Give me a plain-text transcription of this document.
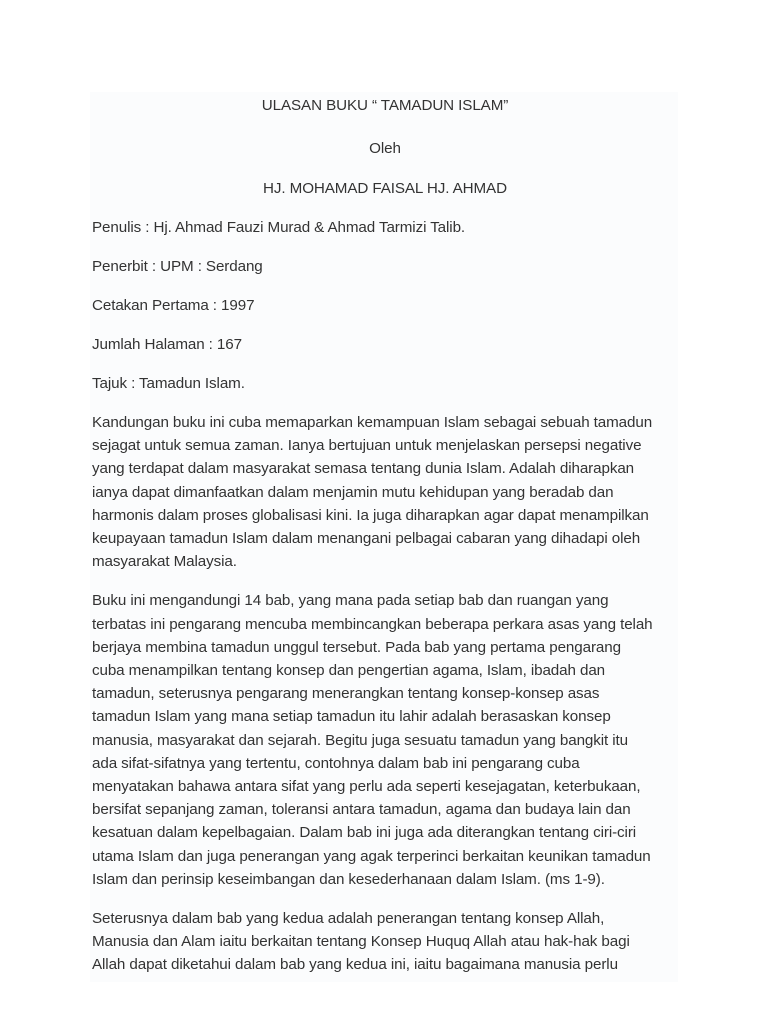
ULASAN BUKU “ TAMADUN ISLAM”

Oleh

HJ. MOHAMAD FAISAL HJ. AHMAD

Penulis : Hj. Ahmad Fauzi Murad & Ahmad Tarmizi Talib.

Penerbit : UPM : Serdang

Cetakan Pertama : 1997

Jumlah Halaman : 167

Tajuk : Tamadun Islam.

Kandungan buku ini cuba memaparkan kemampuan Islam sebagai sebuah tamadun
sejagat untuk semua zaman. Ianya bertujuan untuk menjelaskan persepsi negative
yang terdapat dalam masyarakat semasa tentang dunia Islam. Adalah diharapkan
ianya dapat dimanfaatkan dalam menjamin mutu kehidupan yang beradab dan
harmonis dalam proses globalisasi kini. Ia juga diharapkan agar dapat menampilkan
keupayaan tamadun Islam dalam menangani pelbagai cabaran yang dihadapi oleh
masyarakat Malaysia.

Buku ini mengandungi 14 bab, yang mana pada setiap bab dan ruangan yang
terbatas ini pengarang mencuba membincangkan beberapa perkara asas yang telah
berjaya membina tamadun unggul tersebut. Pada bab yang pertama pengarang
cuba menampilkan tentang konsep dan pengertian agama, Islam, ibadah dan
tamadun, seterusnya pengarang menerangkan tentang konsep-konsep asas
tamadun Islam yang mana setiap tamadun itu lahir adalah berasaskan konsep
manusia, masyarakat dan sejarah. Begitu juga sesuatu tamadun yang bangkit itu
ada sifat-sifatnya yang tertentu, contohnya dalam bab ini pengarang cuba
menyatakan bahawa antara sifat yang perlu ada seperti kesejagatan, keterbukaan,
bersifat sepanjang zaman, toleransi antara tamadun, agama dan budaya lain dan
kesatuan dalam kepelbagaian. Dalam bab ini juga ada diterangkan tentang ciri-ciri
utama Islam dan juga penerangan yang agak terperinci berkaitan keunikan tamadun
Islam dan perinsip keseimbangan dan kesederhanaan dalam Islam. (ms 1-9).

Seterusnya dalam bab yang kedua adalah penerangan tentang konsep Allah,
Manusia dan Alam iaitu berkaitan tentang Konsep Huquq Allah atau hak-hak bagi
Allah dapat diketahui dalam bab yang kedua ini, iaitu bagaimana manusia perlu
